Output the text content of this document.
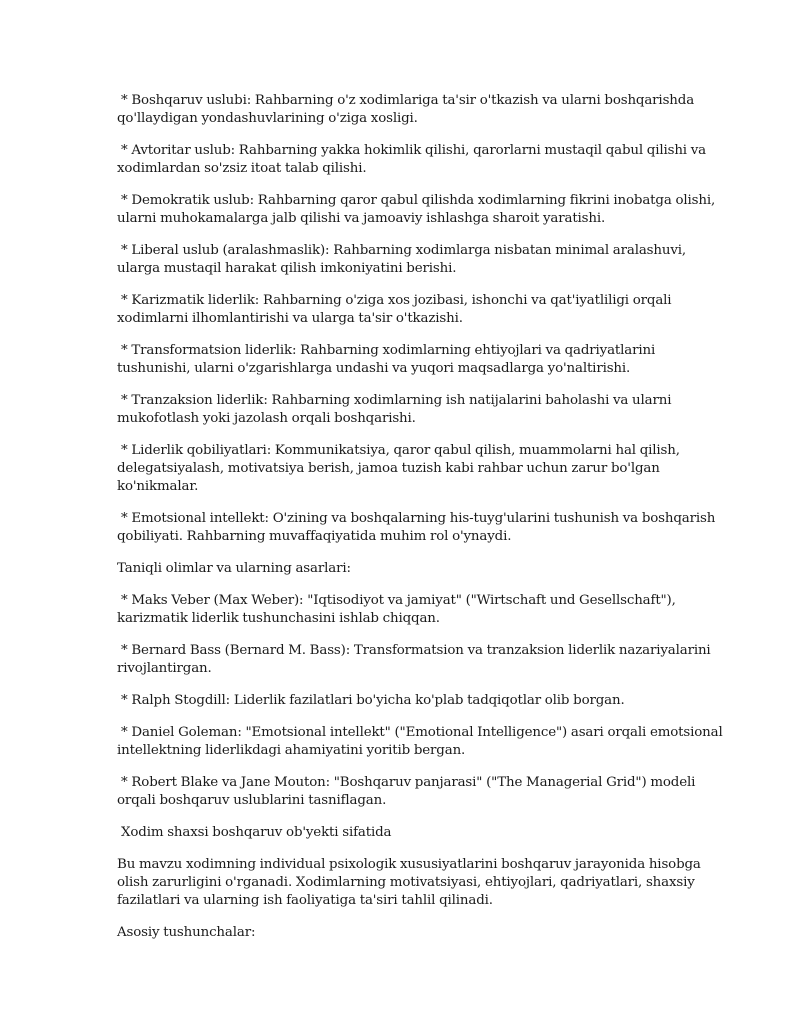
* Boshqaruv uslubi: Rahbarning o'z xodimlariga ta'sir o'tkazish va ularni boshqarishda qo'llaydigan yondashuvlarining o'ziga xosligi.

* Avtoritar uslub: Rahbarning yakka hokimlik qilishi, qarorlarni mustaqil qabul qilishi va xodimlardan so'zsiz itoat talab qilishi.

* Demokratik uslub: Rahbarning qaror qabul qilishda xodimlarning fikrini inobatga olishi, ularni muhokamalarga jalb qilishi va jamoaviy ishlashga sharoit yaratishi.

* Liberal uslub (aralashmaslik): Rahbarning xodimlarga nisbatan minimal aralashuvi, ularga mustaqil harakat qilish imkoniyatini berishi.

* Karizmatik liderlik: Rahbarning o'ziga xos jozibasi, ishonchi va qat'iyatliligi orqali xodimlarni ilhomlantirishi va ularga ta'sir o'tkazishi.

* Transformatsion liderlik: Rahbarning xodimlarning ehtiyojlari va qadriyatlarini tushunishi, ularni o'zgarishlarga undashi va yuqori maqsadlarga yo'naltirishi.

* Tranzaksion liderlik: Rahbarning xodimlarning ish natijalarini baholashi va ularni mukofotlash yoki jazolash orqali boshqarishi.

* Liderlik qobiliyatlari: Kommunikatsiya, qaror qabul qilish, muammolarni hal qilish, delegatsiyalash, motivatsiya berish, jamoa tuzish kabi rahbar uchun zarur bo'lgan ko'nikmalar.

* Emotsional intellekt: O'zining va boshqalarning his-tuyg'ularini tushunish va boshqarish qobiliyati. Rahbarning muvaffaqiyatida muhim rol o'ynaydi.

Taniqli olimlar va ularning asarlari:

* Maks Veber (Max Weber): "Iqtisodiyot va jamiyat" ("Wirtschaft und Gesellschaft"), karizmatik liderlik tushunchasini ishlab chiqqan.

* Bernard Bass (Bernard M. Bass): Transformatsion va tranzaksion liderlik nazariyalarini rivojlantirgan.

* Ralph Stogdill: Liderlik fazilatlari bo'yicha ko'plab tadqiqotlar olib borgan.

* Daniel Goleman: "Emotsional intellekt" ("Emotional Intelligence") asari orqali emotsional intellektning liderlikdagi ahamiyatini yoritib bergan.

* Robert Blake va Jane Mouton: "Boshqaruv panjarasi" ("The Managerial Grid") modeli orqali boshqaruv uslublarini tasniflagan.

Xodim shaxsi boshqaruv ob'yekti sifatida

Bu mavzu xodimning individual psixologik xususiyatlarini boshqaruv jarayonida hisobga olish zarurligini o'rganadi. Xodimlarning motivatsiyasi, ehtiyojlari, qadriyatlari, shaxsiy fazilatlari va ularning ish faoliyatiga ta'siri tahlil qilinadi.

Asosiy tushunchalar:
